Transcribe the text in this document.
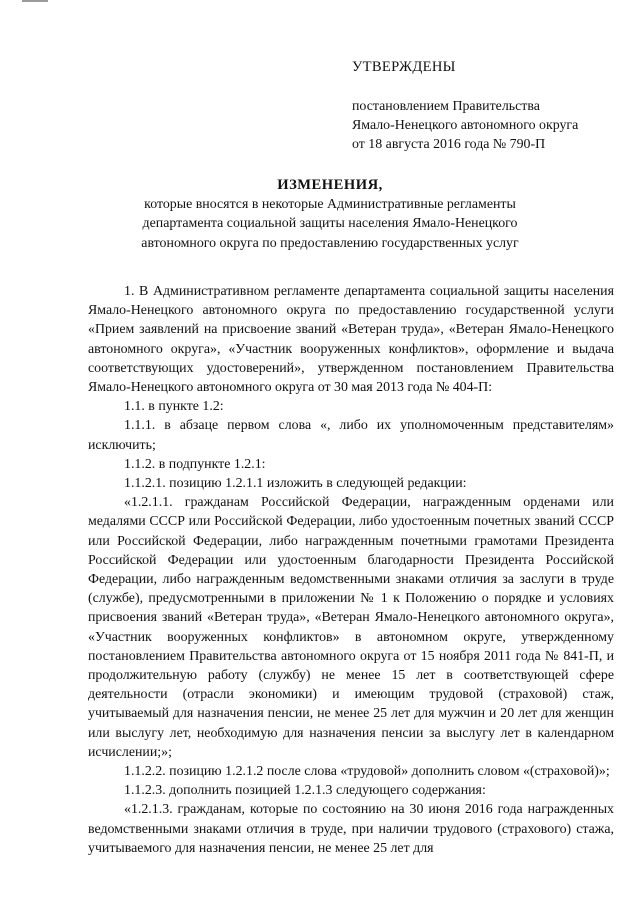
УТВЕРЖДЕНЫ
постановлением Правительства
Ямало-Ненецкого автономного округа
от 18 августа 2016 года № 790-П
ИЗМЕНЕНИЯ,
которые вносятся в некоторые Административные регламенты
департамента социальной защиты населения Ямало-Ненецкого
автономного округа по предоставлению государственных услуг

1. В Административном регламенте департамента социальной защиты населения Ямало-Ненецкого автономного округа по предоставлению государственной услуги «Прием заявлений на присвоение званий «Ветеран труда», «Ветеран Ямало-Ненецкого автономного округа», «Участник вооруженных конфликтов», оформление и выдача соответствующих удостоверений», утвержденном постановлением Правительства Ямало-Ненецкого автономного округа от 30 мая 2013 года № 404-П:

1.1. в пункте 1.2:

1.1.1. в абзаце первом слова «, либо их уполномоченным представителям» исключить;

1.1.2. в подпункте 1.2.1:

1.1.2.1. позицию 1.2.1.1 изложить в следующей редакции:

«1.2.1.1. гражданам Российской Федерации, награжденным орденами или медалями СССР или Российской Федерации, либо удостоенным почетных званий СССР или Российской Федерации, либо награжденным почетными грамотами Президента Российской Федерации или удостоенным благодарности Президента Российской Федерации, либо награжденным ведомственными знаками отличия за заслуги в труде (службе), предусмотренными в приложении № 1 к Положению о порядке и условиях присвоения званий «Ветеран труда», «Ветеран Ямало-Ненецкого автономного округа», «Участник вооруженных конфликтов» в автономном округе, утвержденному постановлением Правительства автономного округа от 15 ноября 2011 года № 841-П, и продолжительную работу (службу) не менее 15 лет в соответствующей сфере деятельности (отрасли экономики) и имеющим трудовой (страховой) стаж, учитываемый для назначения пенсии, не менее 25 лет для мужчин и 20 лет для женщин или выслугу лет, необходимую для назначения пенсии за выслугу лет в календарном исчислении;»;

1.1.2.2. позицию 1.2.1.2 после слова «трудовой» дополнить словом «(страховой)»;

1.1.2.3. дополнить позицией 1.2.1.3 следующего содержания:

«1.2.1.3. гражданам, которые по состоянию на 30 июня 2016 года награжденных ведомственными знаками отличия в труде, при наличии трудового (страхового) стажа, учитываемого для назначения пенсии, не менее 25 лет для
